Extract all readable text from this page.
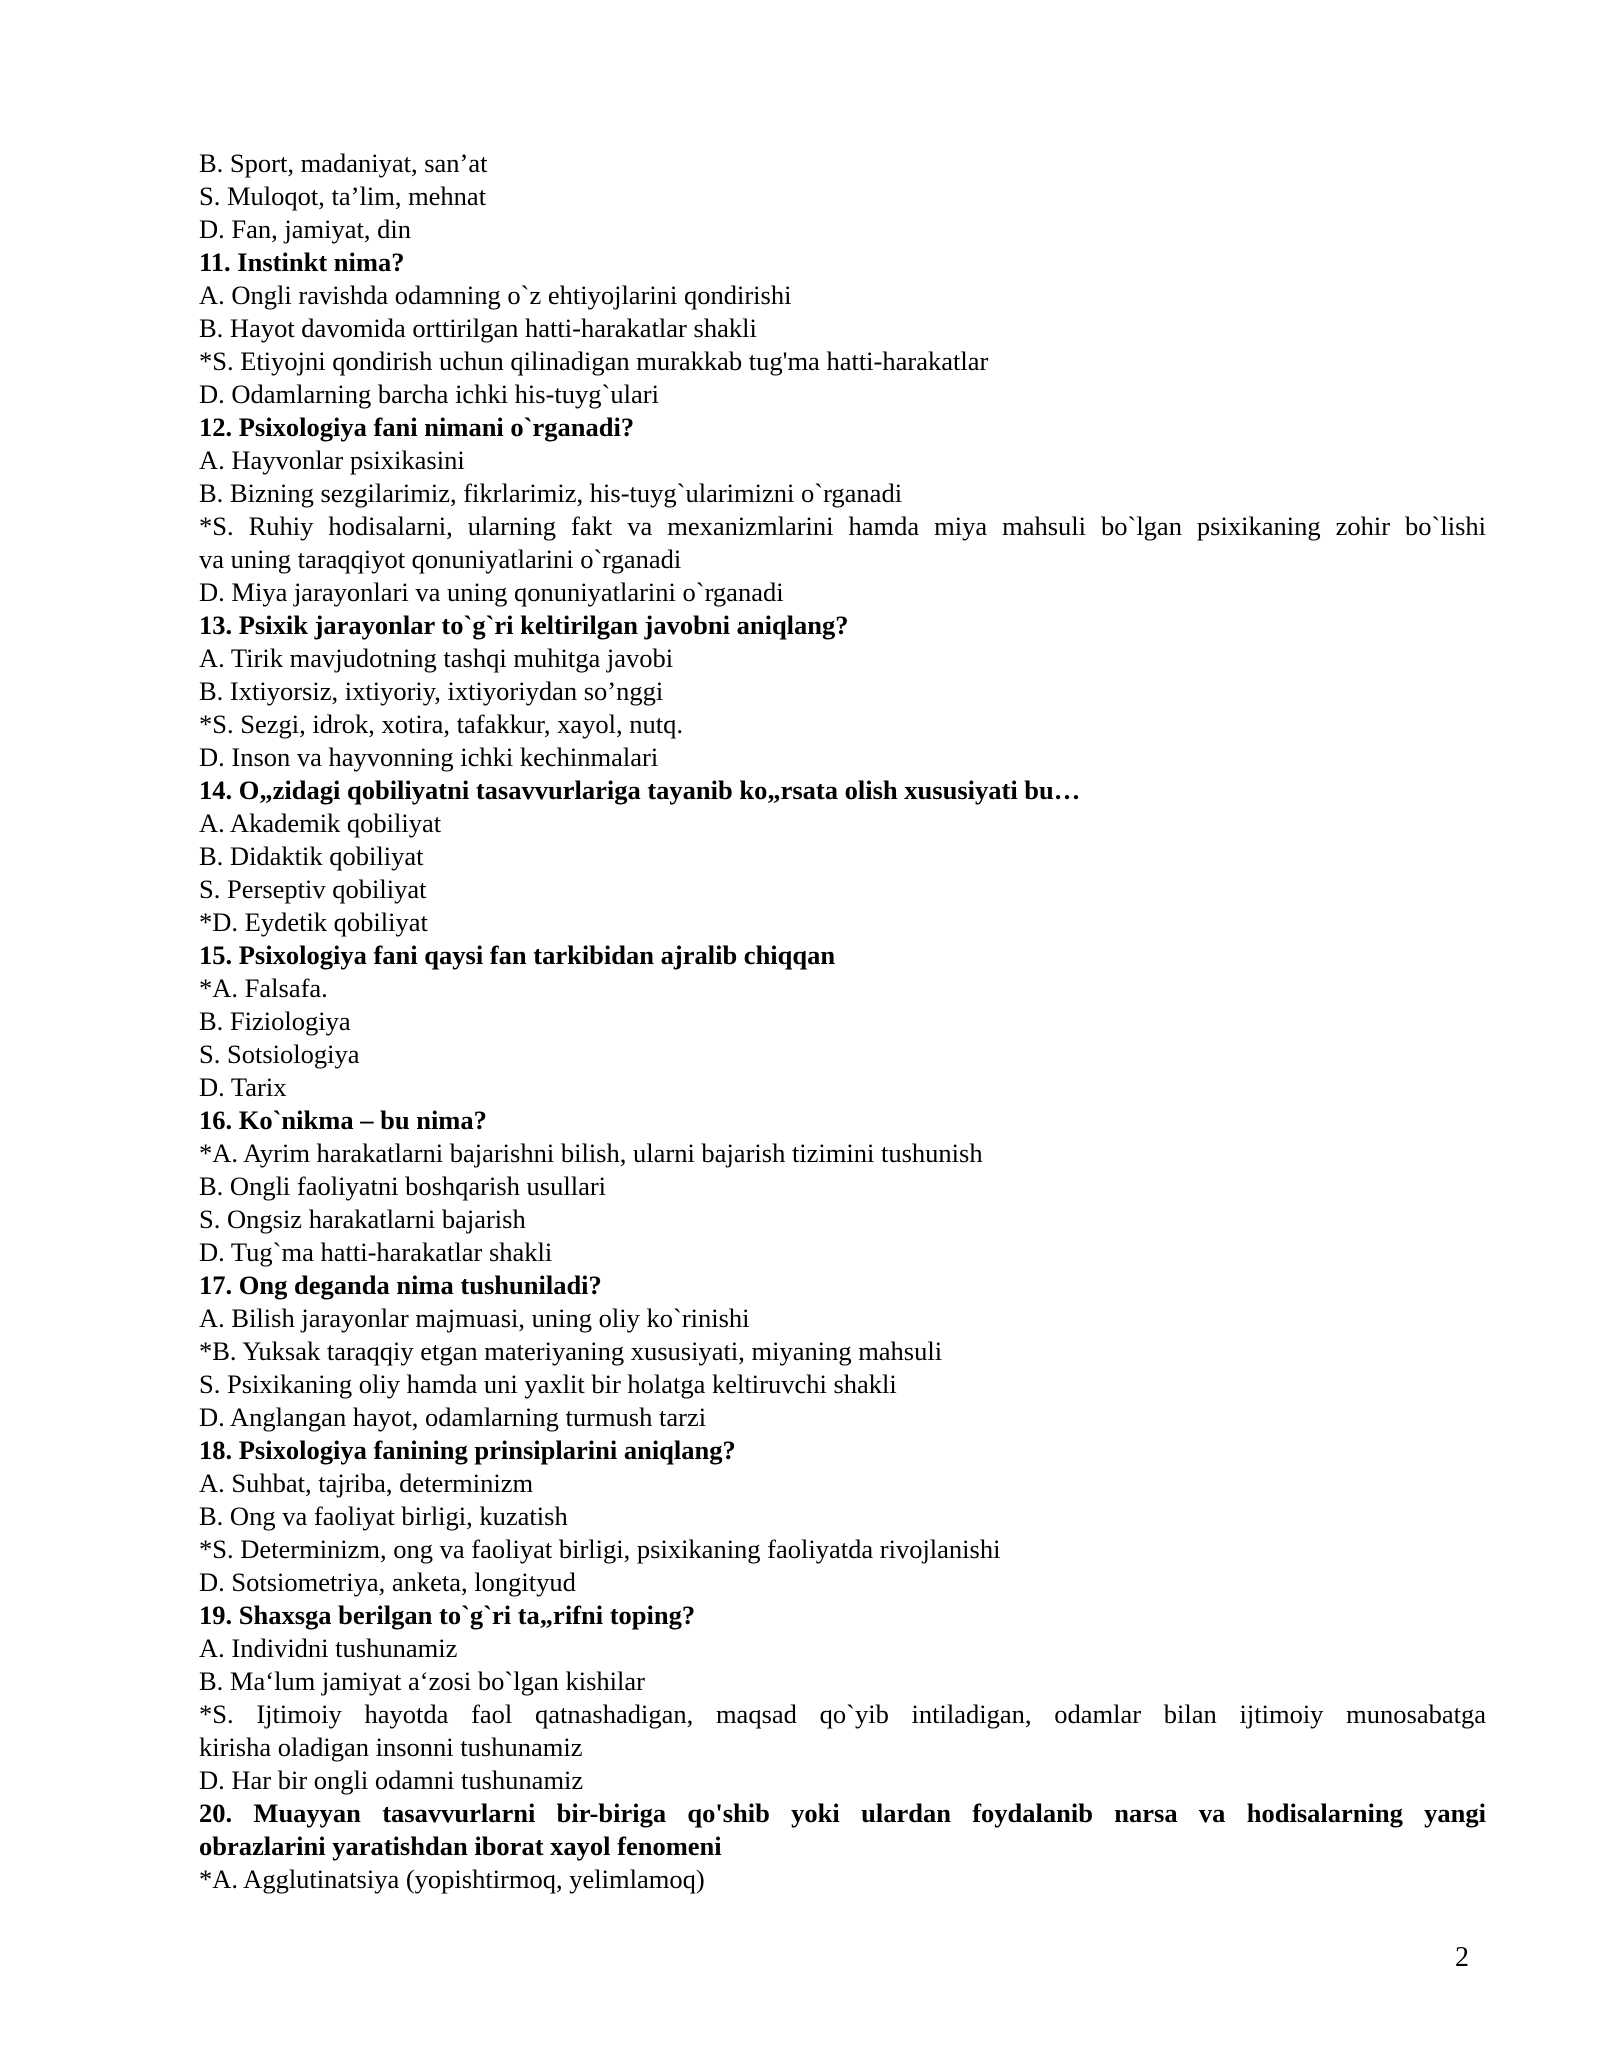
B. Sport, madaniyat, san’at
S. Muloqot, ta’lim, mehnat
D. Fan, jamiyat, din
11. Instinkt nima?
A. Ongli ravishda odamning o`z ehtiyojlarini qondirishi
B. Hayot davomida orttirilgan hatti-harakatlar shakli
*S. Etiyojni qondirish uchun qilinadigan murakkab tug'ma hatti-harakatlar
D. Odamlarning barcha ichki his-tuyg`ulari
12. Psixologiya fani nimani o`rganadi?
A. Hayvonlar psixikasini
B. Bizning sezgilarimiz, fikrlarimiz, his-tuyg`ularimizni o`rganadi
*S. Ruhiy hodisalarni, ularning fakt va mexanizmlarini hamda miya mahsuli bo`lgan psixikaning zohir bo`lishi
va uning taraqqiyot qonuniyatlarini o`rganadi
D. Miya jarayonlari va uning qonuniyatlarini o`rganadi
13. Psixik jarayonlar to`g`ri keltirilgan javobni aniqlang?
A. Tirik mavjudotning tashqi muhitga javobi
B. Ixtiyorsiz, ixtiyoriy, ixtiyoriydan so’nggi
*S. Sezgi, idrok, xotira, tafakkur, xayol, nutq.
D. Inson va hayvonning ichki kechinmalari
14. O„zidagi qobiliyatni tasavvurlariga tayanib ko„rsata olish xususiyati bu…
A. Akademik qobiliyat
B. Didaktik qobiliyat
S. Perseptiv qobiliyat
*D. Eydetik qobiliyat
15. Psixologiya fani qaysi fan tarkibidan ajralib chiqqan
*A. Falsafa.
B. Fiziologiya
S. Sotsiologiya
D. Tarix
16. Ko`nikma – bu nima?
*A. Ayrim harakatlarni bajarishni bilish, ularni bajarish tizimini tushunish
B. Ongli faoliyatni boshqarish usullari
S. Ongsiz harakatlarni bajarish
D. Tug`ma hatti-harakatlar shakli
17. Ong deganda nima tushuniladi?
A. Bilish jarayonlar majmuasi, uning oliy ko`rinishi
*B. Yuksak taraqqiy etgan materiyaning xususiyati, miyaning mahsuli
S. Psixikaning oliy hamda uni yaxlit bir holatga keltiruvchi shakli
D. Anglangan hayot, odamlarning turmush tarzi
18. Psixologiya fanining prinsiplarini aniqlang?
A. Suhbat, tajriba, determinizm
B. Ong va faoliyat birligi, kuzatish
*S. Determinizm, ong va faoliyat birligi, psixikaning faoliyatda rivojlanishi
D. Sotsiometriya, anketa, longityud
19. Shaxsga berilgan to`g`ri ta„rifni toping?
A. Individni tushunamiz
B. Ma‘lum jamiyat a‘zosi bo`lgan kishilar
*S. Ijtimoiy hayotda faol qatnashadigan, maqsad qo`yib intiladigan, odamlar bilan ijtimoiy munosabatga
kirisha oladigan insonni tushunamiz
D. Har bir ongli odamni tushunamiz
20. Muayyan tasavvurlarni bir-biriga qo'shib yoki ulardan foydalanib narsa va hodisalarning yangi
obrazlarini yaratishdan iborat xayol fenomeni
*A. Agglutinatsiya (yopishtirmoq, yelimlamoq)
2
